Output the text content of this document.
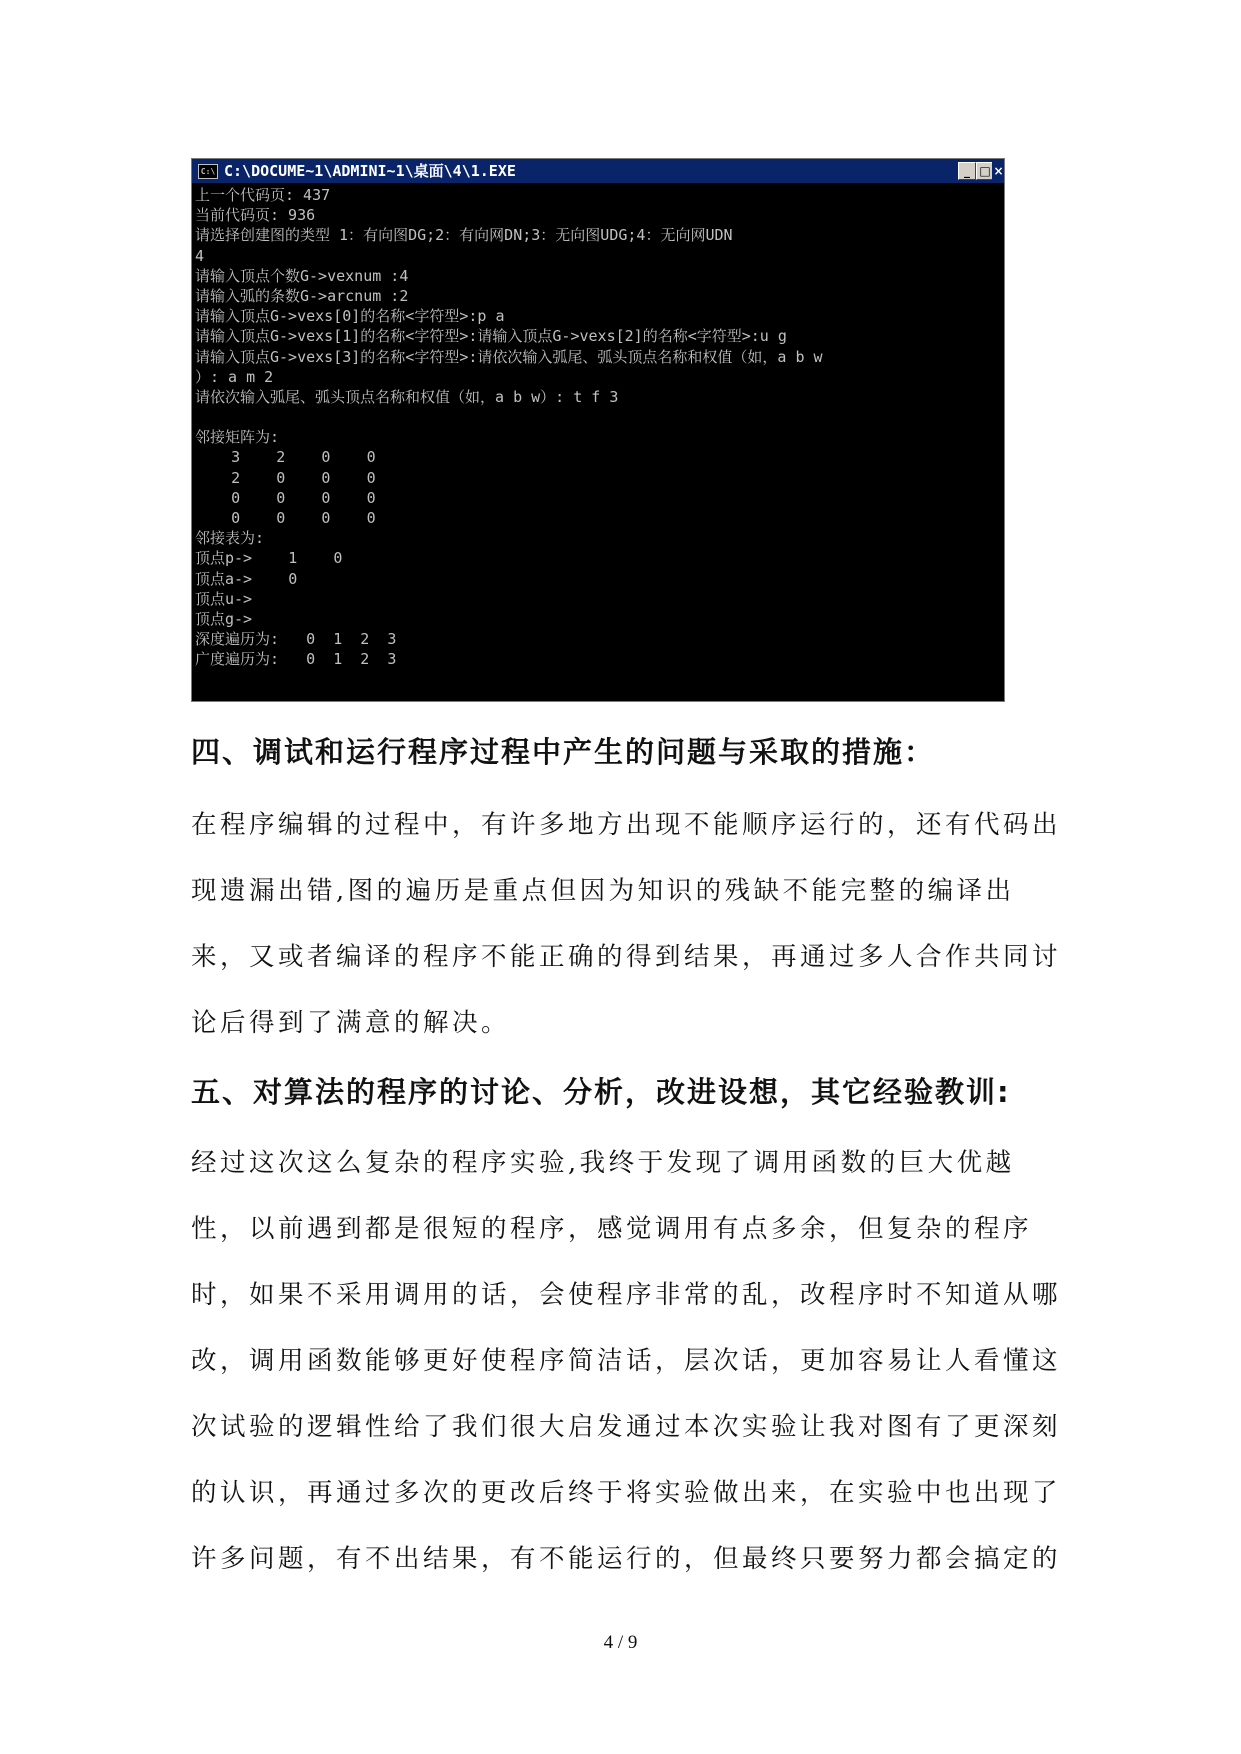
C:\ C:\DOCUME~1\ADMINI~1\桌面\4\1.EXE	_ □ ×
上一个代码页: 437
当前代码页: 936
请选择创建图的类型 1：有向图DG;2：有向网DN;3：无向图UDG;4：无向网UDN
4
请输入顶点个数G->vexnum :4
请输入弧的条数G->arcnum :2
请输入顶点G->vexs[0]的名称<字符型>:p a
请输入顶点G->vexs[1]的名称<字符型>:请输入顶点G->vexs[2]的名称<字符型>:u g
请输入顶点G->vexs[3]的名称<字符型>:请依次输入弧尾、弧头顶点名称和权值（如，a b w
）: a m 2
请依次输入弧尾、弧头顶点名称和权值（如，a b w）: t f 3
邻接矩阵为:
3    2    0    0
2    0    0    0
0    0    0    0
0    0    0    0
邻接表为:
顶点p->    1    0
顶点a->    0
顶点u->
顶点g->
深度遍历为:   0  1  2  3
广度遍历为:   0  1  2  3
四、调试和运行程序过程中产生的问题与采取的措施：

在程序编辑的过程中，有许多地方出现不能顺序运行的，还有代码出现遗漏出错,图的遍历是重点但因为知识的残缺不能完整的编译出来，又或者编译的程序不能正确的得到结果，再通过多人合作共同讨论后得到了满意的解决。

五、对算法的程序的讨论、分析，改进设想，其它经验教训:

经过这次这么复杂的程序实验,我终于发现了调用函数的巨大优越性，以前遇到都是很短的程序，感觉调用有点多余，但复杂的程序时，如果不采用调用的话，会使程序非常的乱，改程序时不知道从哪改，调用函数能够更好使程序简洁话，层次话，更加容易让人看懂这次试验的逻辑性给了我们很大启发通过本次实验让我对图有了更深刻的认识，再通过多次的更改后终于将实验做出来，在实验中也出现了许多问题，有不出结果，有不能运行的，但最终只要努力都会搞定的

4 / 9
